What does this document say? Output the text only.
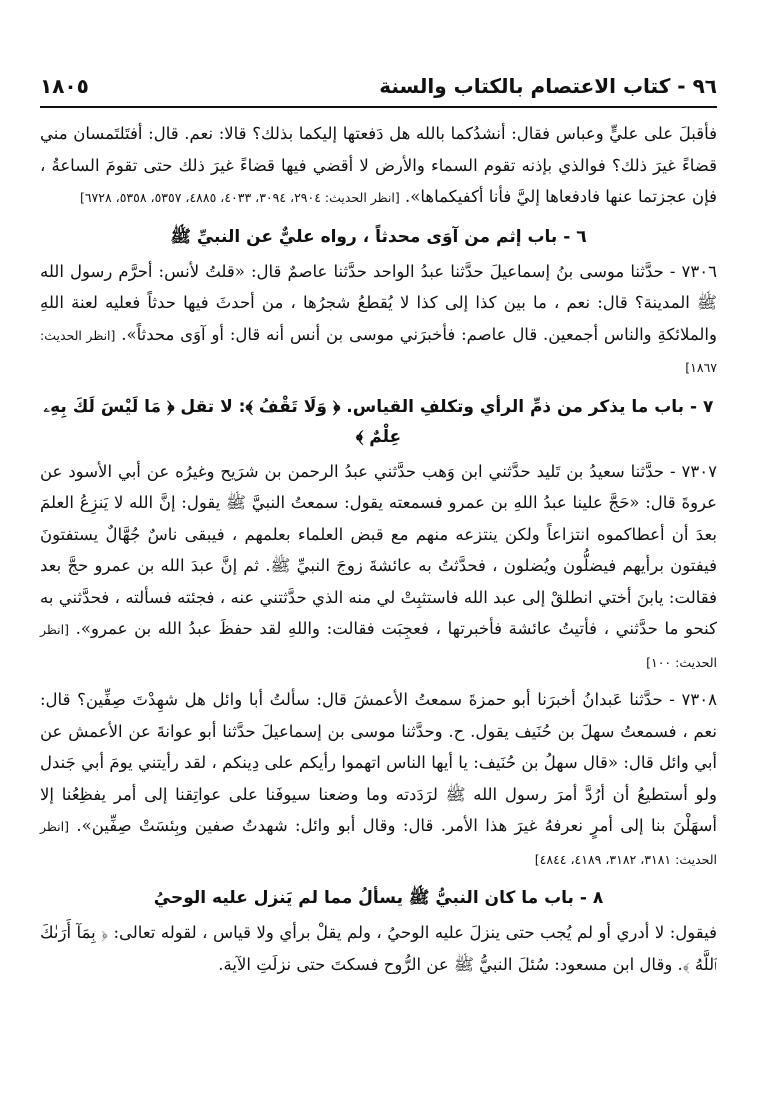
١٨٠٥	٩٦ - كتاب الاعتصام بالكتاب والسنة

فأقبلَ على عليٍّ وعباس فقال: أنشدُكما بالله هل دَفعتها إليكما بذلك؟ قالا: نعم. قال: أفتَلتَمسان مني قضاءً غيرَ ذلك؟ فوالذي بإذنه تقوم السماء والأرض لا أقضي فيها قضاءً غيرَ ذلك حتى تقومَ الساعةُ ، فإن عجزتما عنها فادفعاها إليَّ فأنا أكفيكماها». [انظر الحديث: ٢٩٠٤، ٣٠٩٤، ٤٠٣٣، ٤٨٨٥، ٥٣٥٧، ٥٣٥٨، ٦٧٢٨]

٦ - باب إثم من آوَى محدثاً ، رواه عليٌّ عن النبيِّ ﷺ

٧٣٠٦ - حدَّثنا موسى بنُ إسماعيلَ حدَّثنا عبدُ الواحد حدَّثنا عاصمٌ قال: «قلتُ لأنس: أحرَّم رسول الله ﷺ المدينة؟ قال: نعم ، ما بين كذا إلى كذا لا يُقطعُ شجرُها ، من أحدثَ فيها حدثاً فعليه لعنة اللهِ والملائكةِ والناس أجمعين. قال عاصم: فأخبرَني موسى بن أنس أنه قال: أو آوَى محدثاً». [انظر الحديث: ١٨٦٧]

٧ - باب ما يذكر من ذمِّ الرأي وتكلفِ القياس. ﴿ وَلَا تَقْفُ ﴾: لا تقل ﴿ مَا لَيْسَ لَكَ بِهِۦ عِلْمٌ ﴾

٧٣٠٧ - حدَّثنا سعيدُ بن تَليد حدَّثني ابن وَهب حدَّثني عبدُ الرحمن بن شرَيح وغيرُه عن أبي الأسود عن عروةَ قال: «حَجَّ علينا عبدُ اللهِ بن عمرو فسمعته يقول: سمعتُ النبيَّ ﷺ يقول: إنَّ الله لا يَنزِعُ العلمَ بعدَ أن أعطاكموه انتزاعاً ولكن ينتزعه منهم مع قبض العلماء بعلمهم ، فيبقى ناسٌ جُهَّالٌ يستفتونَ فيفتون برأيهم فيضلُّون ويُضلون ، فحدَّثتُ به عائشةَ زوجَ النبيِّ ﷺ. ثم إنَّ عبدَ الله بن عمرو حجَّ بعد فقالت: يابنَ أختي انطلقْ إلى عبد الله فاستثبِتْ لي منه الذي حدَّثتني عنه ، فجئته فسألته ، فحدَّثني به كنحو ما حدَّثني ، فأتيتُ عائشة فأخبرتها ، فعجِبَت فقالت: واللهِ لقد حفظَ عبدُ الله بن عمرو». [انظر الحديث: ١٠٠]

٧٣٠٨ - حدَّثنا عَبدانُ أخبرَنا أبو حمزةَ سمعتُ الأعمشَ قال: سألتُ أبا وائل هل شهِدْتَ صِفِّين؟ قال: نعم ، فسمعتُ سهلَ بن حُنَيف يقول. ح. وحدَّثنا موسى بن إسماعيلَ حدَّثنا أبو عوانةَ عن الأعمش عن أبي وائل قال: «قال سهلُ بن حُنَيف: يا أيها الناس اتهموا رأيكم على دِينكم ، لقد رأيتني يومَ أبي جَندل ولو أستطيعُ أن أرُدَّ أمرَ رسول الله ﷺ لرَدَدته وما وضعنا سيوفَنا على عواتِقنا إلى أمر يفظِعُنا إلا أسهَلْنَ بنا إلى أمرٍ نعرفهُ غيرَ هذا الأمر. قال: وقال أبو وائل: شهدتُ صفين وبِئسَتْ صِفِّين». [انظر الحديث: ٣١٨١، ٣١٨٢، ٤١٨٩، ٤٨٤٤]

٨ - باب ما كان النبيُّ ﷺ يسألُ مما لم يَنزل عليه الوحيُ

فيقول: لا أدري أو لم يُجب حتى ينزلَ عليه الوحيُ ، ولم يقلْ برأي ولا قياس ، لقوله تعالى: ﴿ بِمَآ أَرَىٰكَ ٱللَّهُ ﴾. وقال ابن مسعود: سُئلَ النبيُّ ﷺ عن الرُّوح فسكتَ حتى نزلَتِ الآية.
